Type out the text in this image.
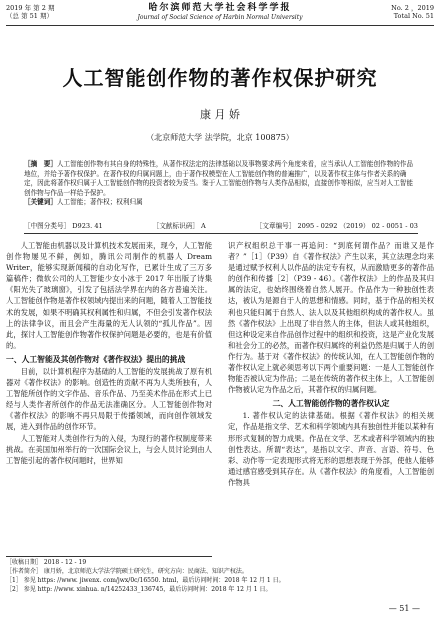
2019 年 第 2 期
（总 第 51 期）
哈尔滨师范大学社会科学学报
Journal of Social Science of Harbin Normal University
No. 2 ，2019
Total No. 51
人工智能创作物的著作权保护研究
康 月 娇
（北京师范大学 法学院，北京 100875）
［摘　要］人工智能创作物有其自身的特殊性，从著作权法定的法律基础以及事物要求两个角度来看，应当承认人工智能创作物的作品地位，并给予著作权保护。在著作权的归属问题上，由于著作权模型在人工智能创作物的普遍推广，以及著作权主体与作者关系的确定，因此将著作权归属于人工智能创作物的投资者较为妥当。鉴于人工智能创作物与人类作品相似，直接创作等相似，应当对人工智能创作物与作品一样给予保护。
［关键词］人工智能；著作权；权利归属
［中图分类号］ D923. 41	［文献标识码］ A	［文章编号］ 2095 - 0292 （2019） 02 - 0051 - 03

人工智能由机器以及计算机技术发展而来，现今，人工智能创作物屡见不鲜，例如，腾讯公司制作的机器人 Dream Writer，能够实现新闻稿的自动化写作，已累计生成了三万多篇稿件；微软公司的人工智能少女小冰于 2017 年出版了诗集《阳光失了玻璃窗》，引发了包括法学界在内的各方普遍关注。人工智能创作物是著作权领域内提出来的问题，随着人工智能技术的发展，如果不明确其权利属性和归属，不但会引发著作权法上的法律争议，而且会产生海量的无人认领的“孤儿作品”。因此，探讨人工智能创作物著作权保护问题是必要的，也是有价值的。

一、人工智能及其创作物对《著作权法》提出的挑战

目前，以计算机程序为基础的人工智能的发展挑战了原有机器对《著作权法》的影响。创造性的贡献不再为人类所独有，人工智能所创作的文字作品、音乐作品、乃至美术作品在形式上已经与人类作者所创作的作品无法准确区分。人工智能创作物对《著作权法》的影响不再只局限于传播领域，而向创作领域发展，进入到作品的创作环节。

人工智能对人类创作行为的入侵，为现行的著作权制度带来挑战。在美国加州举行的一次国际会议上，与会人员讨论到由人工智能引起的著作权问题时，世界知

识产权组织总干事一再追问：“到底何谓作品？而谁又是作者？”［1］（P39）自《著作权法》产生以来，其立法理念均来是通过赋予权利人以作品的法定专有权，从而激励更多的著作品的创作和传播［2］（P39 - 46）。《著作权法》上的作品及其归属的法定，也始终围绕着自然人展开。作品作为一种独创性表达，被认为是源自于人的思想和情感。同时，基于作品的相关权利也只能归属于自然人、法人以及其他组织构成的著作权人。虽然《著作权法》上出现了非自然人的主体，但法人或其他组织，但这种设定来自作品创作过程中的组织和投资，这是产业化发展和社会分工的必然，而著作权归属终的利益仍然是归属于人的创作行为。基于对《著作权法》的传统认知，在人工智能创作物的著作权认定上就必须思考以下两个重要问题：一是人工智能创作物能否被认定为作品；二是在传统的著作权主体上，人工智能创作物被认定为作品之后，其著作权的归属问题。

二、人工智能创作物的著作权认定

1. 著作权认定的法律基础。根据《著作权法》的相关规定，作品是指文学、艺术和科学领域内具有独创性并能以某种有形形式复制的智力成果。作品在文学、艺术或者科学领域内的独创性表达。所谓“表达”，是指以文字、声音、言语、符号、色彩、动作等一定表现形式将无形的思想表现于外部，使他人能够通过感官感受到其存在。从《著作权法》的角度看，人工智能创作物具

［收稿日期］ 2018 - 12 - 19
［作者简介］ 康月娇，北京师范大学法学院硕士研究生，研究方向：民商法、知识产权法。
［1］ 参见 https: //www. jiwenx. com/jwx/0c/16550. html，最后访问时间：2018 年 12 月 1 日。
［2］ 参见 http: //www. xinhua. n/14252433_136745，最后访问时间：2018 年 12 月 1 日。
— 51 —
